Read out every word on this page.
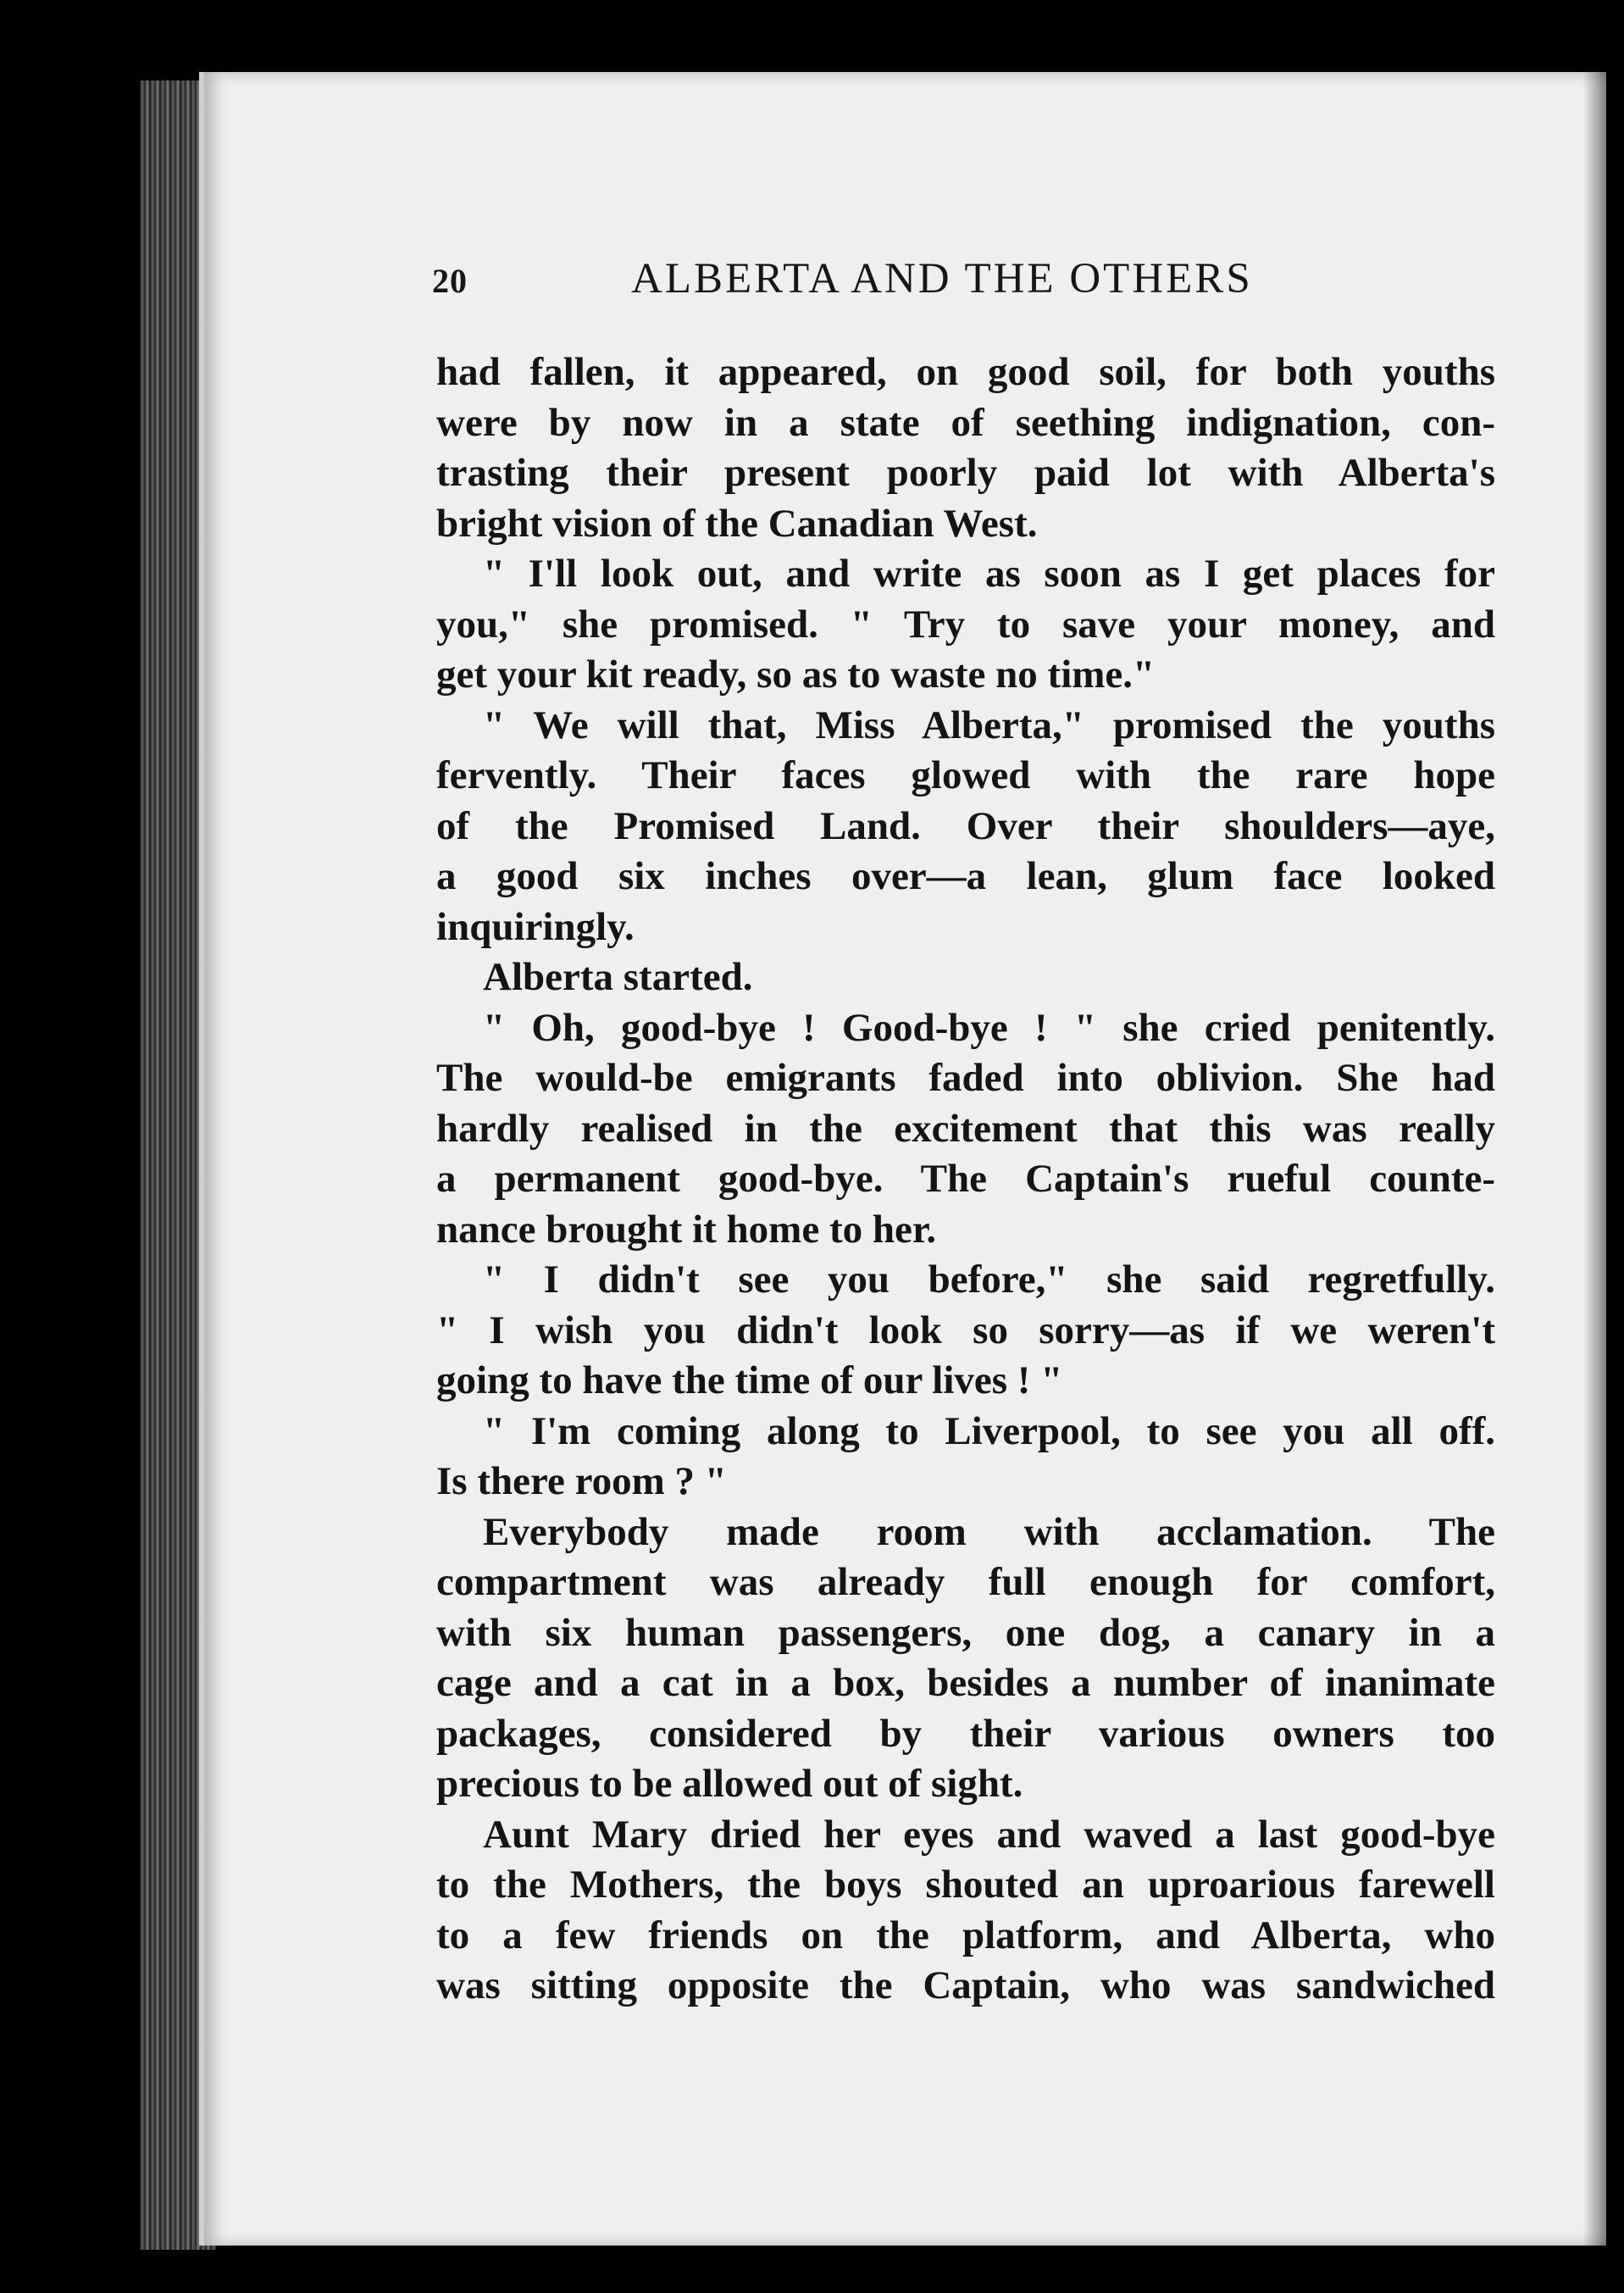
20	ALBERTA AND THE OTHERS
had fallen, it appeared, on good soil, for both youths
were by now in a state of seething indignation, con-
trasting their present poorly paid lot with Alberta's
bright vision of the Canadian West.
" I'll look out, and write as soon as I get places for
you," she promised. " Try to save your money, and
get your kit ready, so as to waste no time."
" We will that, Miss Alberta," promised the youths
fervently. Their faces glowed with the rare hope
of the Promised Land. Over their shoulders—aye,
a good six inches over—a lean, glum face looked
inquiringly.
Alberta started.
" Oh, good-bye ! Good-bye ! " she cried penitently.
The would-be emigrants faded into oblivion. She had
hardly realised in the excitement that this was really
a permanent good-bye. The Captain's rueful counte-
nance brought it home to her.
" I didn't see you before," she said regretfully.
" I wish you didn't look so sorry—as if we weren't
going to have the time of our lives ! "
" I'm coming along to Liverpool, to see you all off.
Is there room ? "
Everybody made room with acclamation. The
compartment was already full enough for comfort,
with six human passengers, one dog, a canary in a
cage and a cat in a box, besides a number of inanimate
packages, considered by their various owners too
precious to be allowed out of sight.
Aunt Mary dried her eyes and waved a last good-bye
to the Mothers, the boys shouted an uproarious farewell
to a few friends on the platform, and Alberta, who
was sitting opposite the Captain, who was sandwiched
